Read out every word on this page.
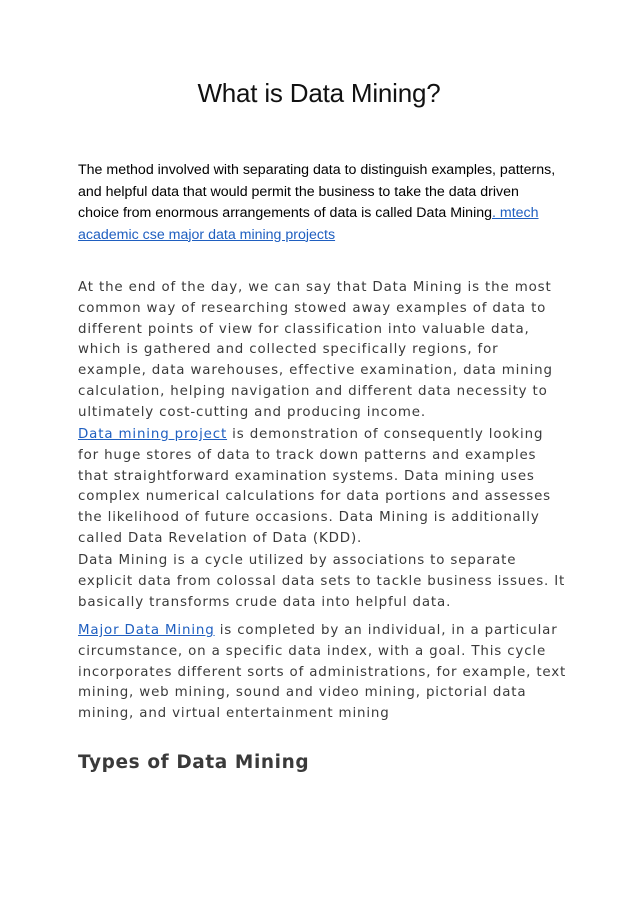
What is Data Mining?

The method involved with separating data to distinguish examples, patterns, and helpful data that would permit the business to take the data driven choice from enormous arrangements of data is called Data Mining. mtech academic cse major data mining projects

At the end of the day, we can say that Data Mining is the most common way of researching stowed away examples of data to different points of view for classification into valuable data, which is gathered and collected specifically regions, for example, data warehouses, effective examination, data mining calculation, helping navigation and different data necessity to ultimately cost-cutting and producing income.

Data mining project is demonstration of consequently looking for huge stores of data to track down patterns and examples that straightforward examination systems. Data mining uses complex numerical calculations for data portions and assesses the likelihood of future occasions. Data Mining is additionally called Data Revelation of Data (KDD).

Data Mining is a cycle utilized by associations to separate explicit data from colossal data sets to tackle business issues. It basically transforms crude data into helpful data.

Major Data Mining is completed by an individual, in a particular circumstance, on a specific data index, with a goal. This cycle incorporates different sorts of administrations, for example, text mining, web mining, sound and video mining, pictorial data mining, and virtual entertainment mining

Types of Data Mining
